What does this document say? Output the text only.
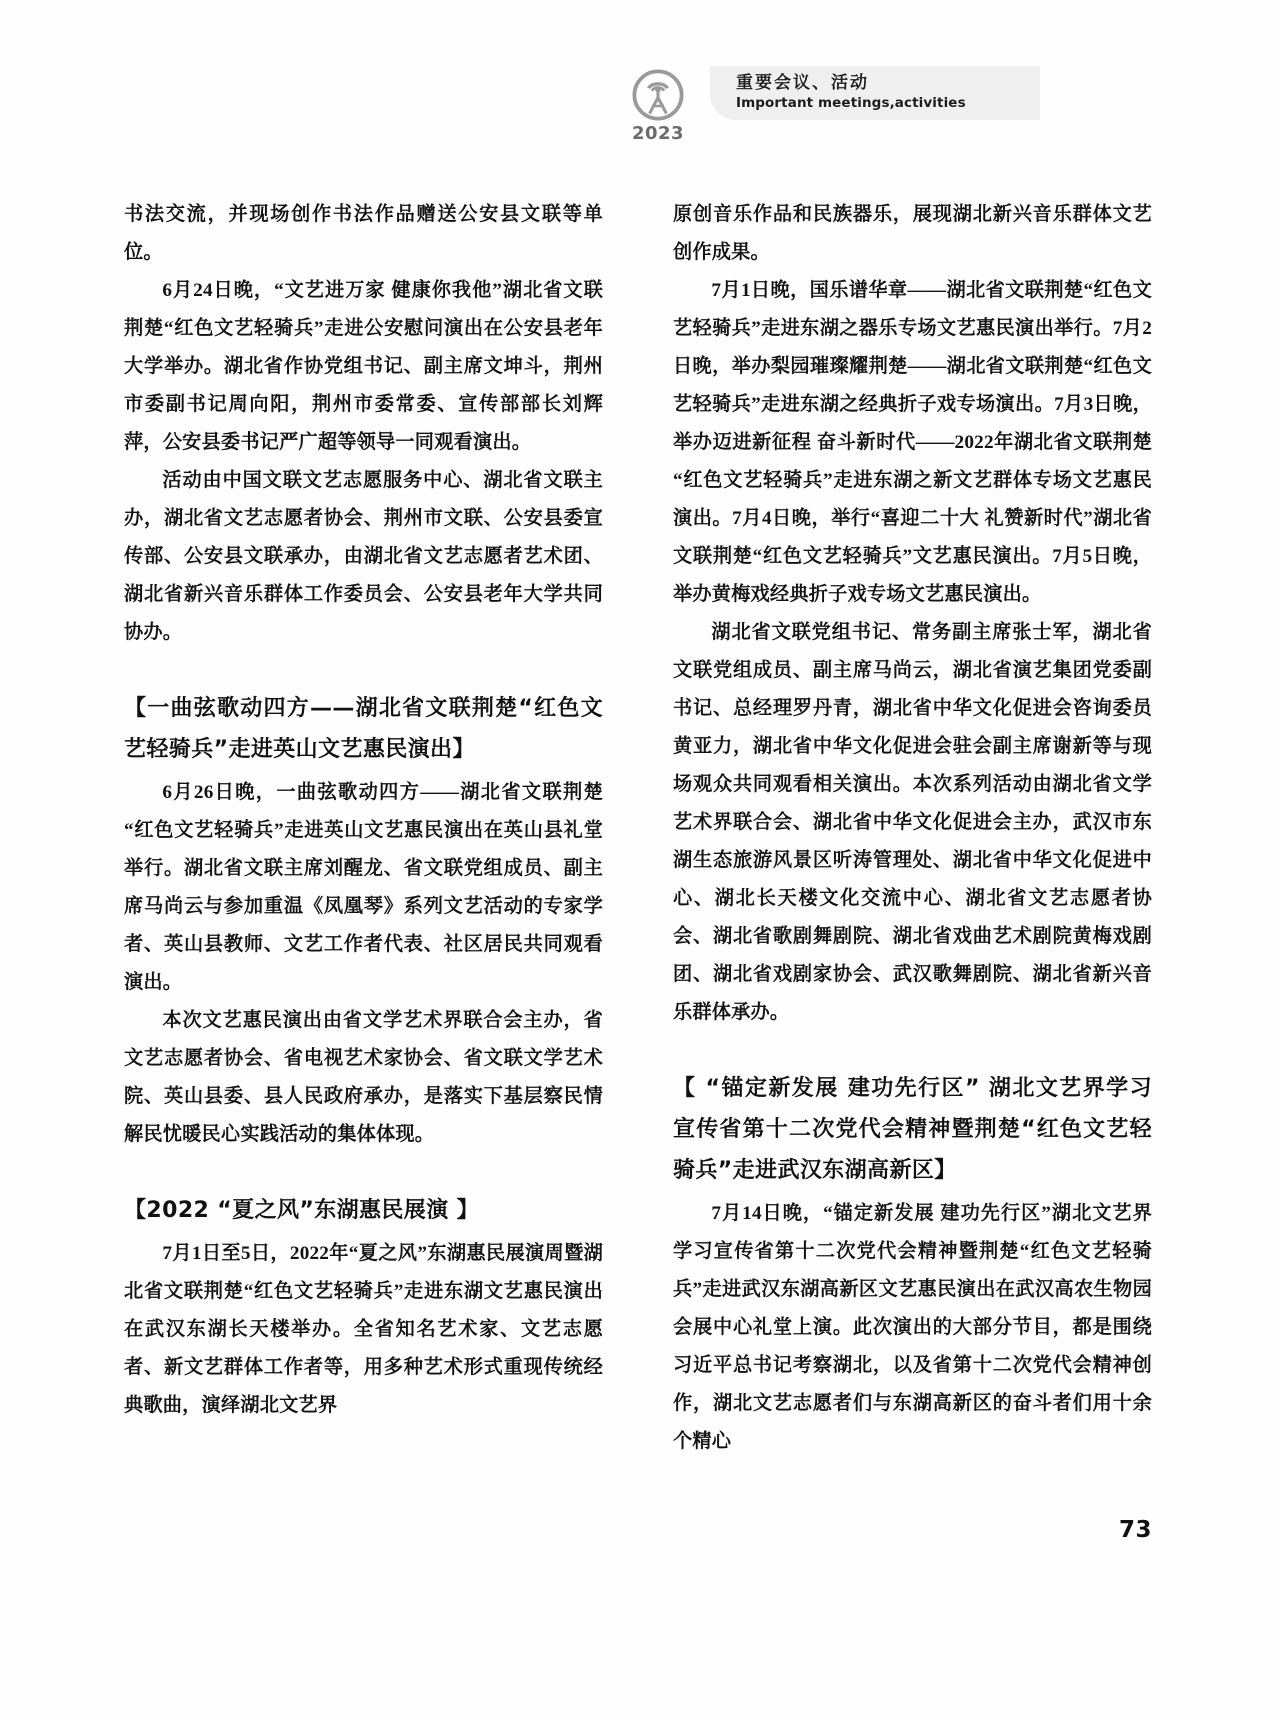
2023
重要会议、活动
Important meetings,activities

书法交流，并现场创作书法作品赠送公安县文联等单位。

6月24日晚，“文艺进万家 健康你我他”湖北省文联荆楚“红色文艺轻骑兵”走进公安慰问演出在公安县老年大学举办。湖北省作协党组书记、副主席文坤斗，荆州市委副书记周向阳，荆州市委常委、宣传部部长刘辉萍，公安县委书记严广超等领导一同观看演出。

活动由中国文联文艺志愿服务中心、湖北省文联主办，湖北省文艺志愿者协会、荆州市文联、公安县委宣传部、公安县文联承办，由湖北省文艺志愿者艺术团、湖北省新兴音乐群体工作委员会、公安县老年大学共同协办。

【一曲弦歌动四方——湖北省文联荆楚“红色文艺轻骑兵”走进英山文艺惠民演出】

6月26日晚，一曲弦歌动四方——湖北省文联荆楚“红色文艺轻骑兵”走进英山文艺惠民演出在英山县礼堂举行。湖北省文联主席刘醒龙、省文联党组成员、副主席马尚云与参加重温《凤凰琴》系列文艺活动的专家学者、英山县教师、文艺工作者代表、社区居民共同观看演出。

本次文艺惠民演出由省文学艺术界联合会主办，省文艺志愿者协会、省电视艺术家协会、省文联文学艺术院、英山县委、县人民政府承办，是落实下基层察民情解民忧暖民心实践活动的集体体现。

【2022 “夏之风”东湖惠民展演 】

7月1日至5日，2022年“夏之风”东湖惠民展演周暨湖北省文联荆楚“红色文艺轻骑兵”走进东湖文艺惠民演出在武汉东湖长天楼举办。全省知名艺术家、文艺志愿者、新文艺群体工作者等，用多种艺术形式重现传统经典歌曲，演绎湖北文艺界

原创音乐作品和民族器乐，展现湖北新兴音乐群体文艺创作成果。

7月1日晚，国乐谱华章——湖北省文联荆楚“红色文艺轻骑兵”走进东湖之器乐专场文艺惠民演出举行。7月2日晚，举办梨园璀璨耀荆楚——湖北省文联荆楚“红色文艺轻骑兵”走进东湖之经典折子戏专场演出。7月3日晚，举办迈进新征程 奋斗新时代——2022年湖北省文联荆楚“红色文艺轻骑兵”走进东湖之新文艺群体专场文艺惠民演出。7月4日晚，举行“喜迎二十大 礼赞新时代”湖北省文联荆楚“红色文艺轻骑兵”文艺惠民演出。7月5日晚，举办黄梅戏经典折子戏专场文艺惠民演出。

湖北省文联党组书记、常务副主席张士军，湖北省文联党组成员、副主席马尚云，湖北省演艺集团党委副书记、总经理罗丹青，湖北省中华文化促进会咨询委员黄亚力，湖北省中华文化促进会驻会副主席谢新等与现场观众共同观看相关演出。本次系列活动由湖北省文学艺术界联合会、湖北省中华文化促进会主办，武汉市东湖生态旅游风景区听涛管理处、湖北省中华文化促进中心、湖北长天楼文化交流中心、湖北省文艺志愿者协会、湖北省歌剧舞剧院、湖北省戏曲艺术剧院黄梅戏剧团、湖北省戏剧家协会、武汉歌舞剧院、湖北省新兴音乐群体承办。

【 “锚定新发展 建功先行区” 湖北文艺界学习宣传省第十二次党代会精神暨荆楚“红色文艺轻骑兵”走进武汉东湖高新区】

7月14日晚，“锚定新发展 建功先行区”湖北文艺界学习宣传省第十二次党代会精神暨荆楚“红色文艺轻骑兵”走进武汉东湖高新区文艺惠民演出在武汉高农生物园会展中心礼堂上演。此次演出的大部分节目，都是围绕习近平总书记考察湖北，以及省第十二次党代会精神创作，湖北文艺志愿者们与东湖高新区的奋斗者们用十余个精心

73
